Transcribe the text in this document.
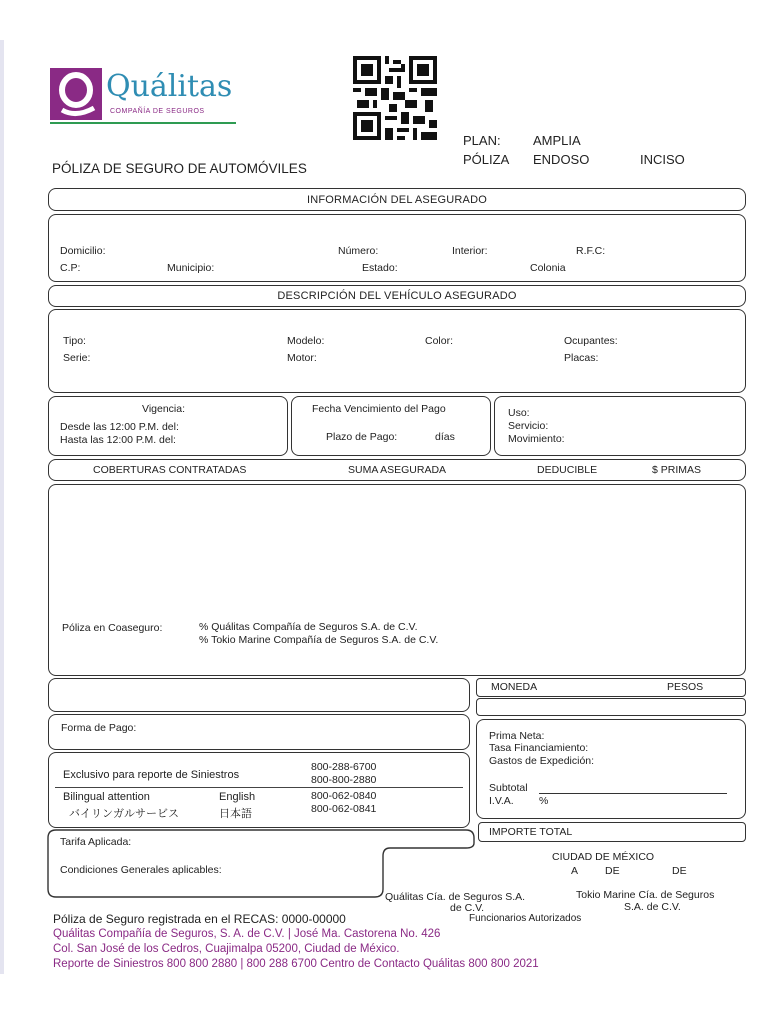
Quálitas
COMPAÑÍA DE SEGUROS
PLAN: AMPLIA
PÓLIZA ENDOSO	INCISO
PÓLIZA DE SEGURO DE AUTOMÓVILES
INFORMACIÓN DEL ASEGURADO
Domicilio:	Número:	Interior:	R.F.C:
C.P:	Municipio:	Estado:	Colonia
DESCRIPCIÓN DEL VEHÍCULO ASEGURADO
Tipo:	Modelo:	Color:	Ocupantes:
Serie:	Motor:	Placas:
Vigencia:
Desde las 12:00 P.M. del:
Hasta las 12:00 P.M. del:
Fecha Vencimiento del Pago
Plazo de Pago:	días
Uso:
Servicio:
Movimiento:
COBERTURAS CONTRATADAS	SUMA ASEGURADA	DEDUCIBLE	$ PRIMAS
Póliza en Coaseguro:	% Quálitas Compañía de Seguros S.A. de C.V.
% Tokio Marine Compañía de Seguros S.A. de C.V.
Forma de Pago:
Exclusivo para reporte de Siniestros
800-288-6700
800-800-2880
Bilingual attention	English	800-062-0840
バイリンガルサービス	日本語	800-062-0841
Tarifa Aplicada:
Condiciones Generales aplicables:
MONEDA	PESOS
Prima Neta:
Tasa Financiamiento:
Gastos de Expedición:
Subtotal
I.V.A. %
IMPORTE TOTAL
CIUDAD DE MÉXICO
A	DE	DE
Quálitas Cía. de Seguros S.A.
de C.V.
Tokio Marine Cía. de Seguros
S.A. de C.V.
Funcionarios Autorizados
Póliza de Seguro registrada en el RECAS: 0000-00000
Quálitas Compañía de Seguros, S. A. de C.V. | José Ma. Castorena No. 426
Col. San José de los Cedros, Cuajimalpa 05200, Ciudad de México.
Reporte de Siniestros 800 800 2880 | 800 288 6700 Centro de Contacto Quálitas 800 800 2021
